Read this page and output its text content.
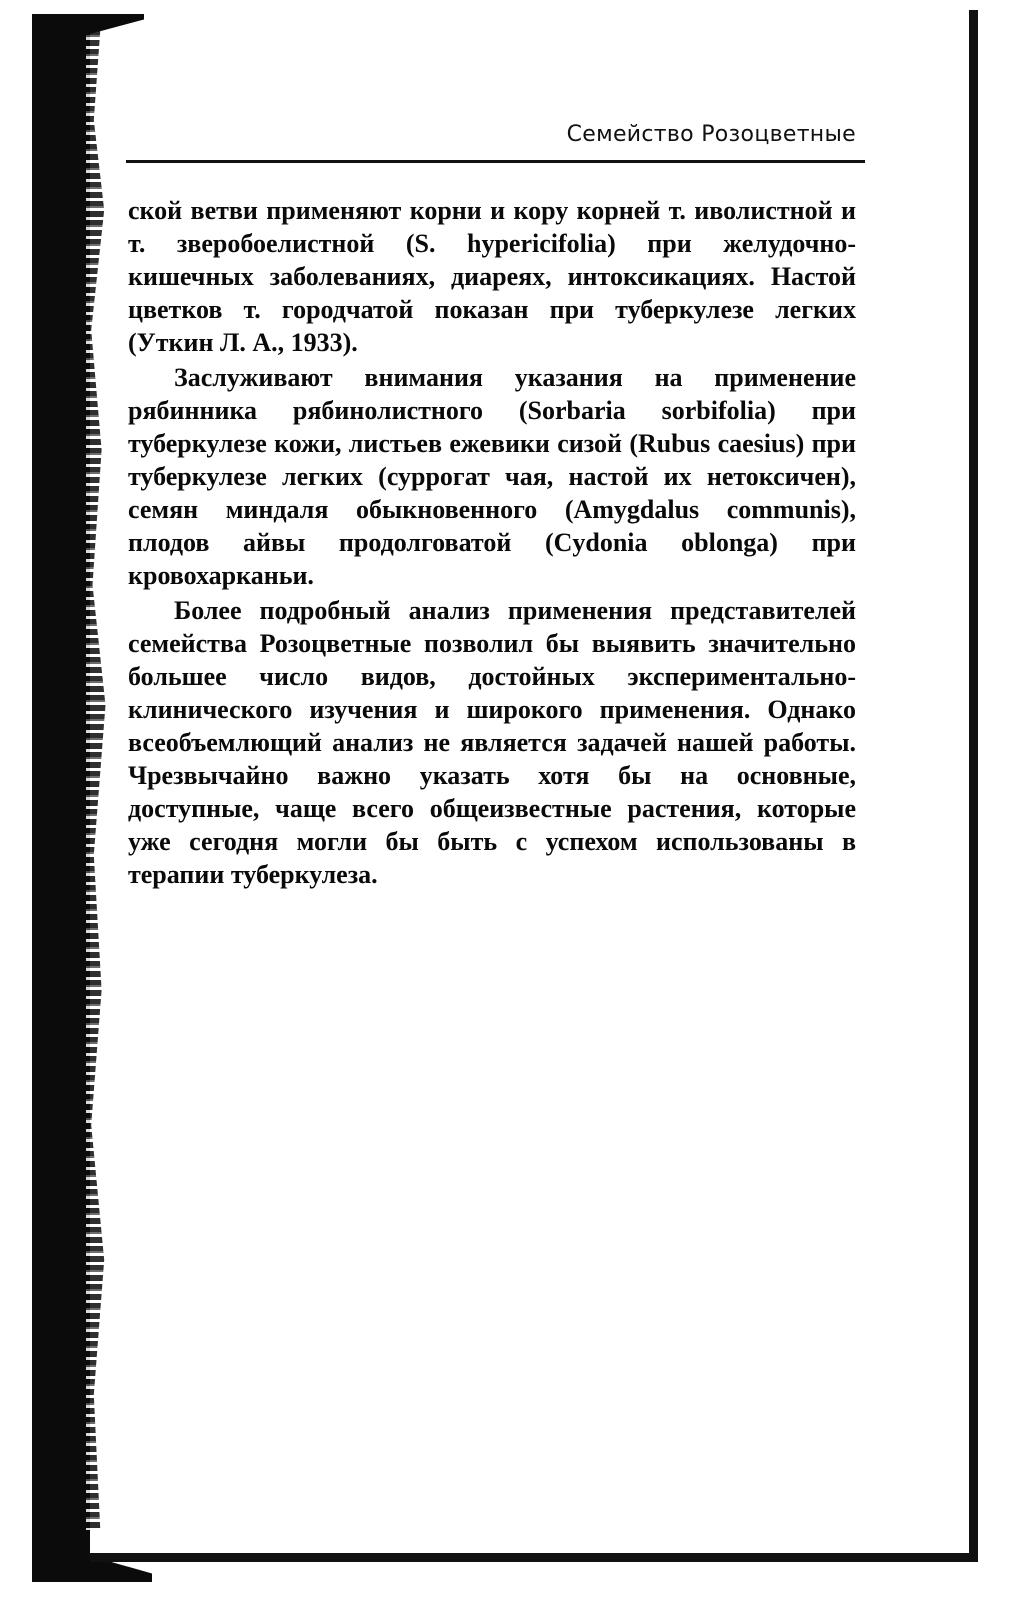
Семейство Розоцветные

ской ветви применяют корни и кору корней т. иволистной и т. зверобоелистной (S. hypericifolia) при желудочно-кишечных заболеваниях, диареях, интоксикациях. Настой цветков т. городчатой показан при туберкулезе легких (Уткин Л. А., 1933).

Заслуживают внимания указания на применение рябинника рябинолистного (Sorbaria sorbifolia) при туберкулезе кожи, листьев ежевики сизой (Rubus caesius) при туберкулезе легких (суррогат чая, настой их нетоксичен), семян миндаля обыкновенного (Amygdalus communis), плодов айвы продолговатой (Cydonia oblonga) при кровохарканьи.

Более подробный анализ применения представителей семейства Розоцветные позволил бы выявить значительно большее число видов, достойных экспериментально-клинического изучения и широкого применения. Однако всеобъемлющий анализ не является задачей нашей работы. Чрезвычайно важно указать хотя бы на основные, доступные, чаще всего общеизвестные растения, которые уже сегодня могли бы быть с успехом использованы в терапии туберкулеза.
